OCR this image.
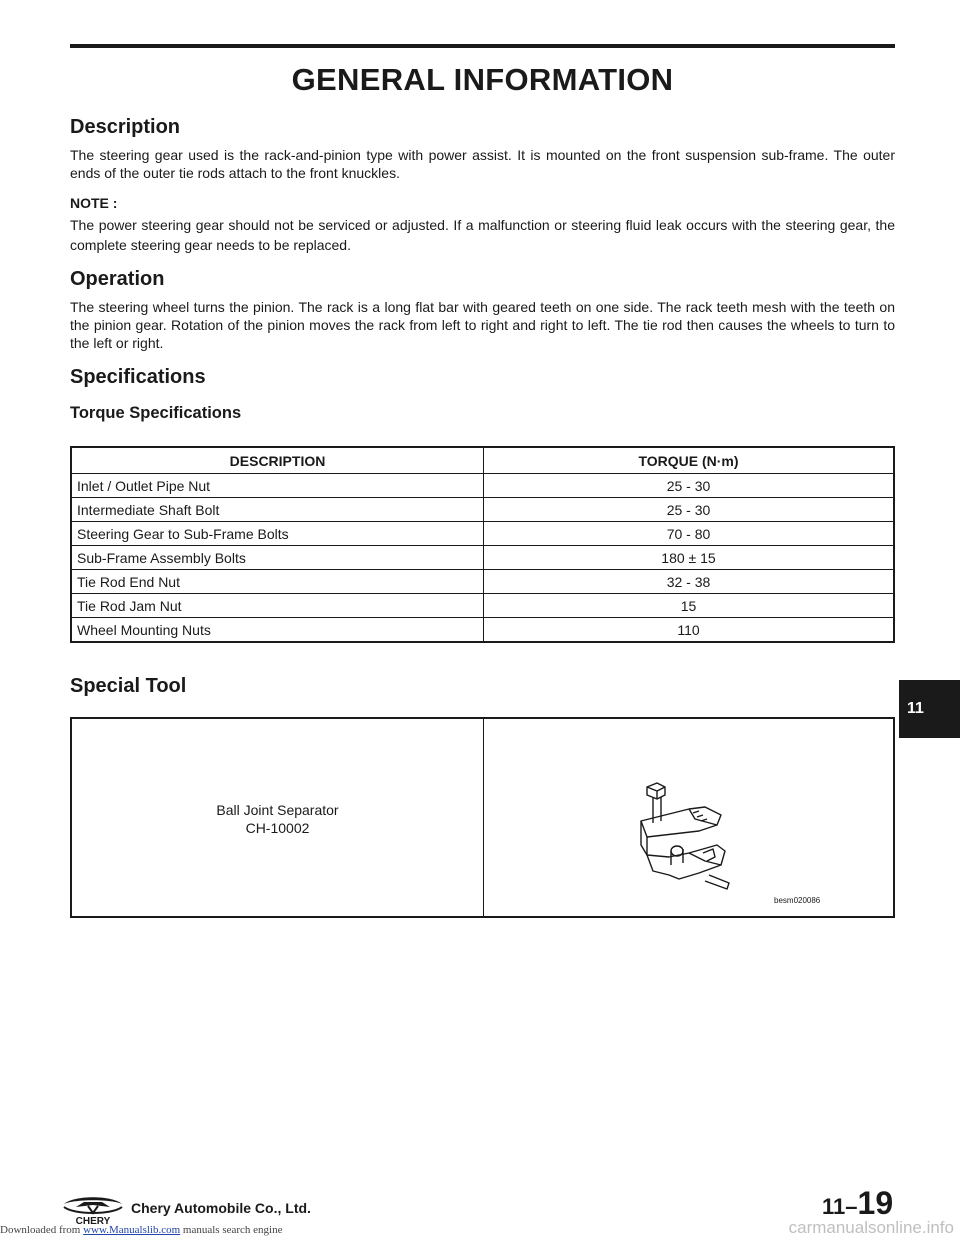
GENERAL INFORMATION
Description

The steering gear used is the rack-and-pinion type with power assist. It is mounted on the front suspension sub-frame. The outer ends of the outer tie rods attach to the front knuckles.

NOTE :

The power steering gear should not be serviced or adjusted. If a malfunction or steering fluid leak occurs with the steering gear, the complete steering gear needs to be replaced.

Operation

The steering wheel turns the pinion. The rack is a long flat bar with geared teeth on one side. The rack teeth mesh with the teeth on the pinion gear. Rotation of the pinion moves the rack from left to right and right to left. The tie rod then causes the wheels to turn to the left or right.

Specifications
Torque Specifications
DESCRIPTION	TORQUE (N·m)
Inlet / Outlet Pipe Nut	25 - 30
Intermediate Shaft Bolt	25 - 30
Steering Gear to Sub-Frame Bolts	70 - 80
Sub-Frame Assembly Bolts	180 ± 15
Tie Rod End Nut	32 - 38
Tie Rod Jam Nut	15
Wheel Mounting Nuts	110
Special Tool
Ball Joint Separator
CH-10002
besm020086
11
CHERY
Chery Automobile Co., Ltd.	11–19
Downloaded from www.Manualslib.com manuals search engine	carmanualsonline.info
